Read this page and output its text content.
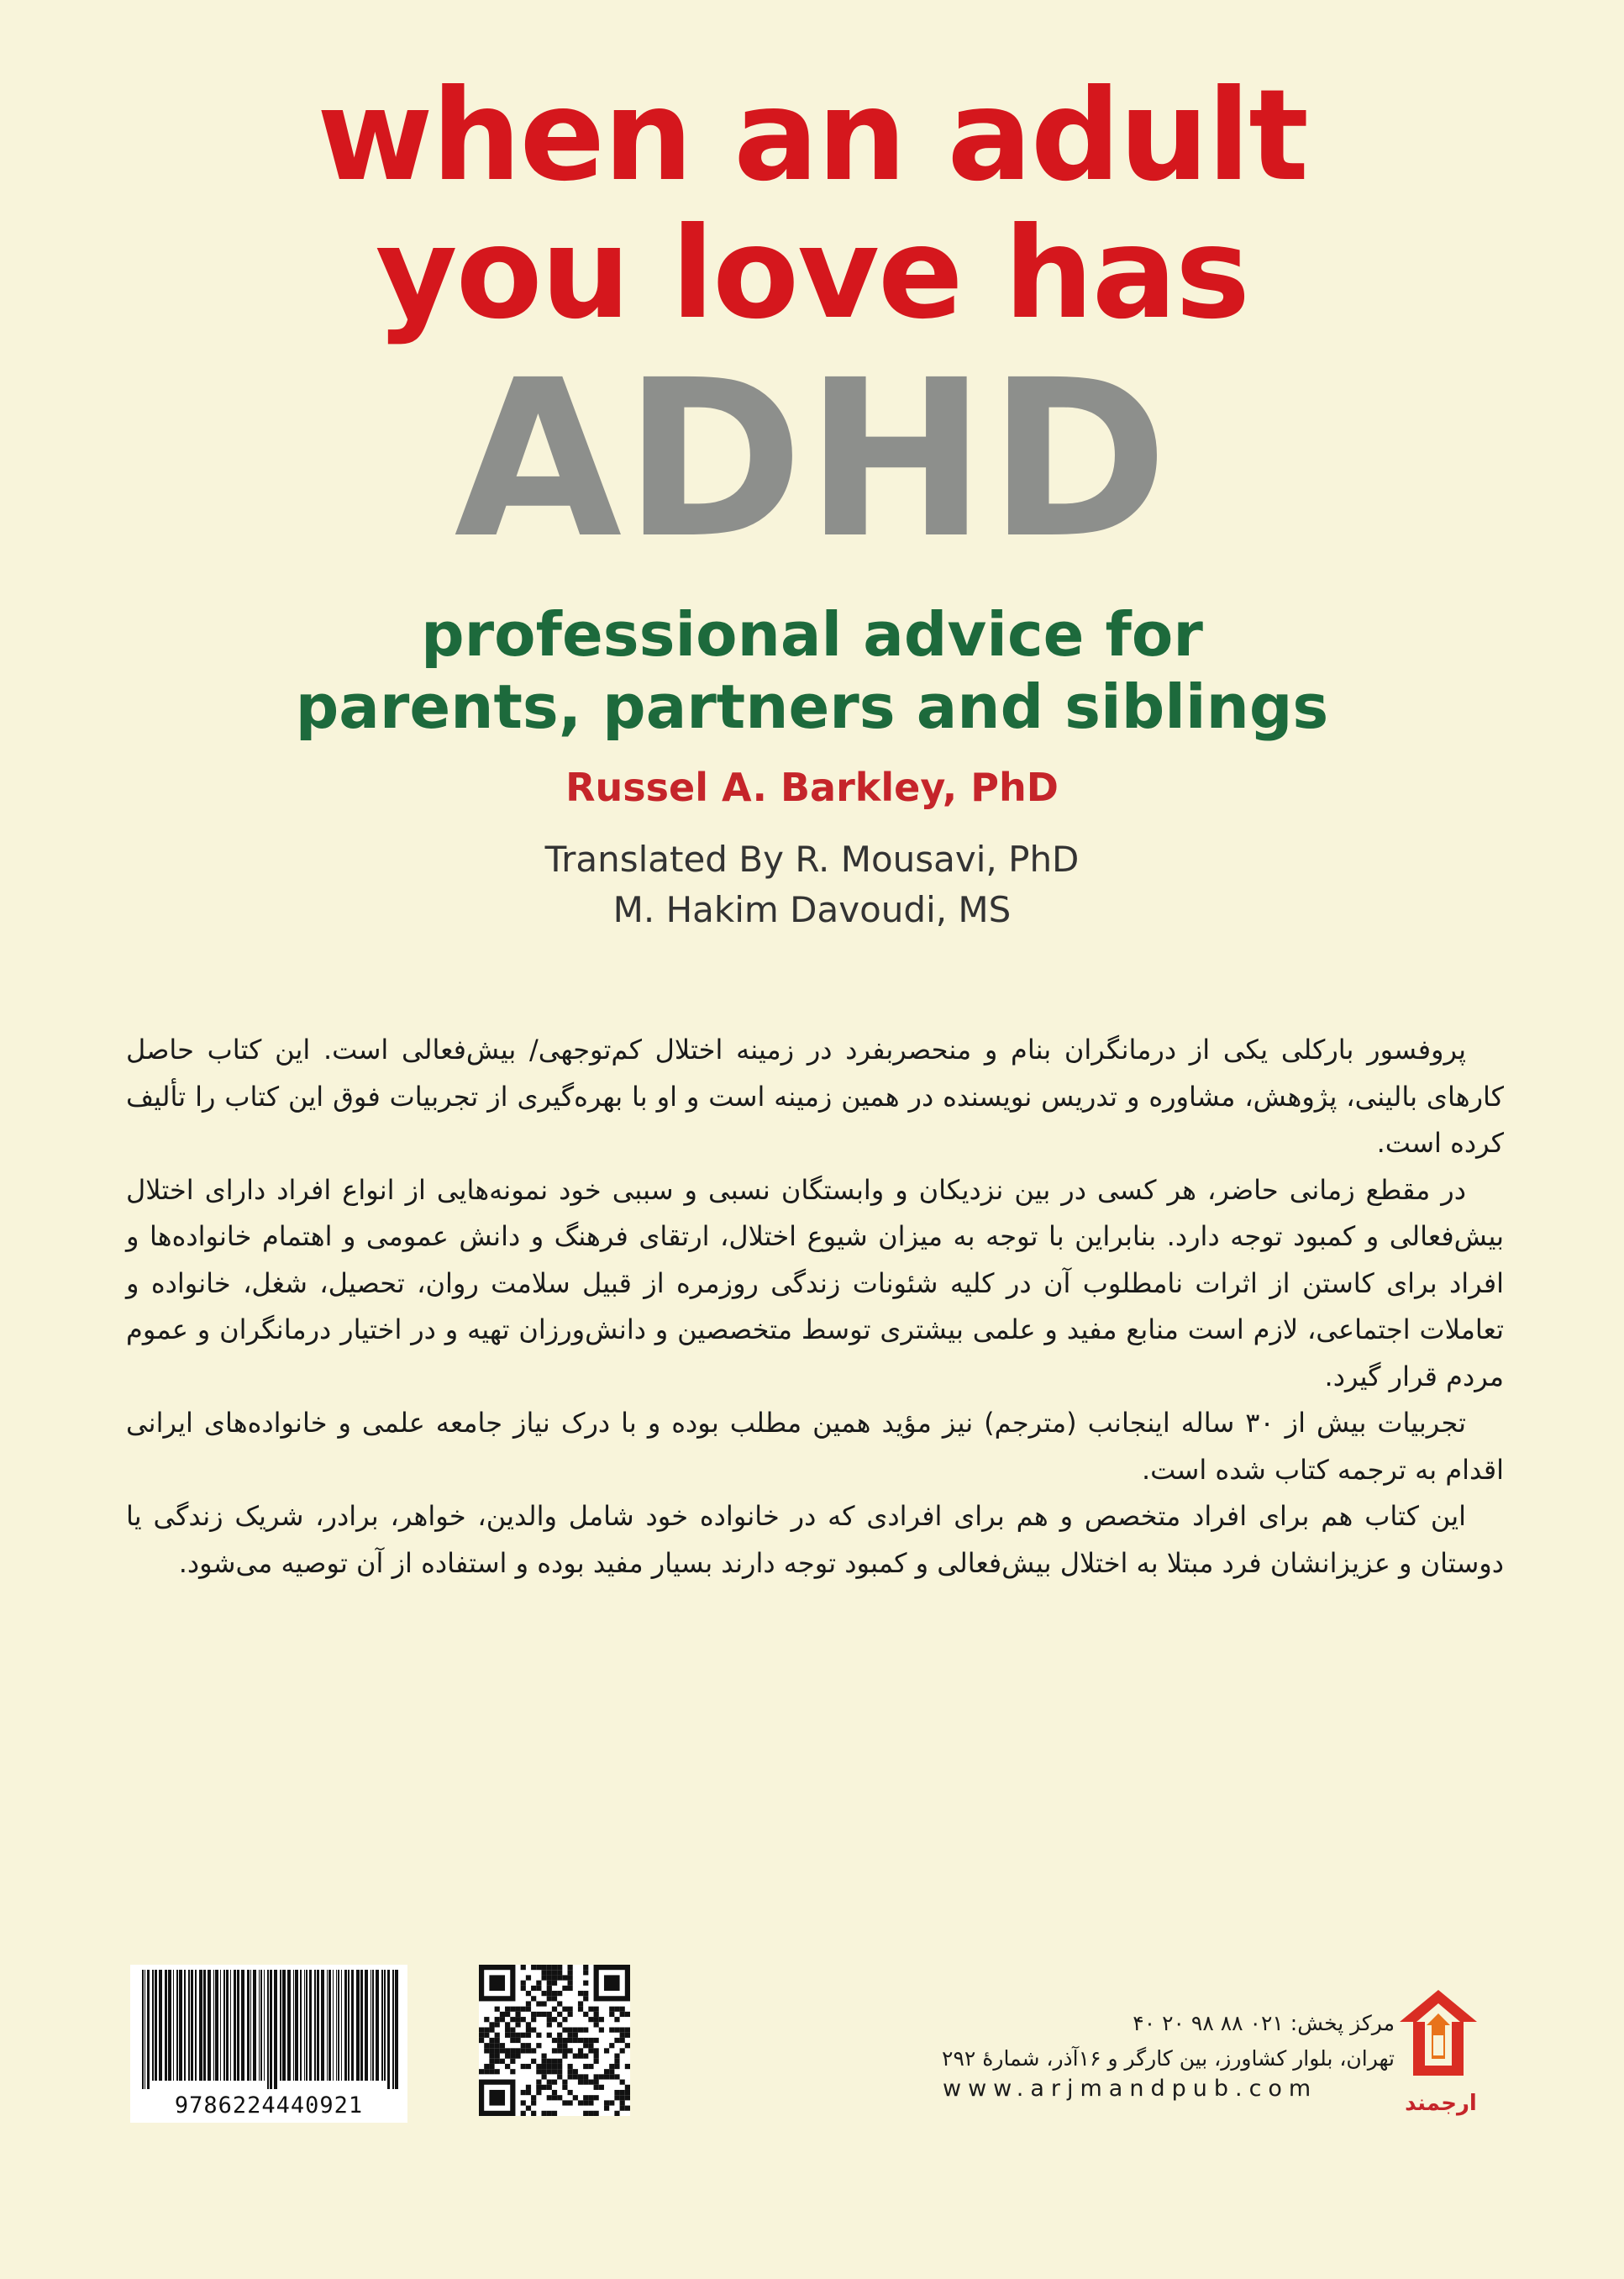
when an adult
you love has
ADHD
professional advice for
parents, partners and siblings
Russel A. Barkley, PhD
Translated By R. Mousavi, PhD
M. Hakim Davoudi, MS

پروفسور بارکلی یکی از درمانگران بنام و منحصربفرد در زمینه اختلال کم‌توجهی/ بیش‌فعالی است. این کتاب حاصل کارهای بالینی، پژوهش، مشاوره و تدریس نویسنده در همین زمینه است و او با بهره‌گیری از تجربیات فوق این کتاب را تألیف کرده است.

در مقطع زمانی حاضر، هر کسی در بین نزدیکان و وابستگان نسبی و سببی خود نمونه‌هایی از انواع افراد دارای اختلال بیش‌فعالی و کمبود توجه دارد. بنابراین با توجه به میزان شیوع اختلال، ارتقای فرهنگ و دانش عمومی و اهتمام خانواده‌ها و افراد برای کاستن از اثرات نامطلوب آن در کلیه شئونات زندگی روزمره از قبیل سلامت روان، تحصیل، شغل، خانواده و تعاملات اجتماعی، لازم است منابع مفید و علمی بیشتری توسط متخصصین و دانش‌ورزان تهیه و در اختیار درمانگران و عموم مردم قرار گیرد.

تجربیات بیش از ۳۰ ساله اینجانب (مترجم) نیز مؤید همین مطلب بوده و با درک نیاز جامعه علمی و خانواده‌های ایرانی اقدام به ترجمه کتاب شده است.

این کتاب هم برای افراد متخصص و هم برای افرادی که در خانواده خود شامل والدین، خواهر، برادر، شریک زندگی یا دوستان و عزیزانشان فرد مبتلا به اختلال بیش‌فعالی و کمبود توجه دارند بسیار مفید بوده و استفاده از آن توصیه می‌شود.

9786224440921
مرکز پخش: ۰۲۱ ۸۸ ۹۸ ۲۰ ۴۰
تهران، بلوار کشاورز، بین کارگر و ۱۶آذر، شمارهٔ ۲۹۲
www.arjmandpub.com
ارجمند
